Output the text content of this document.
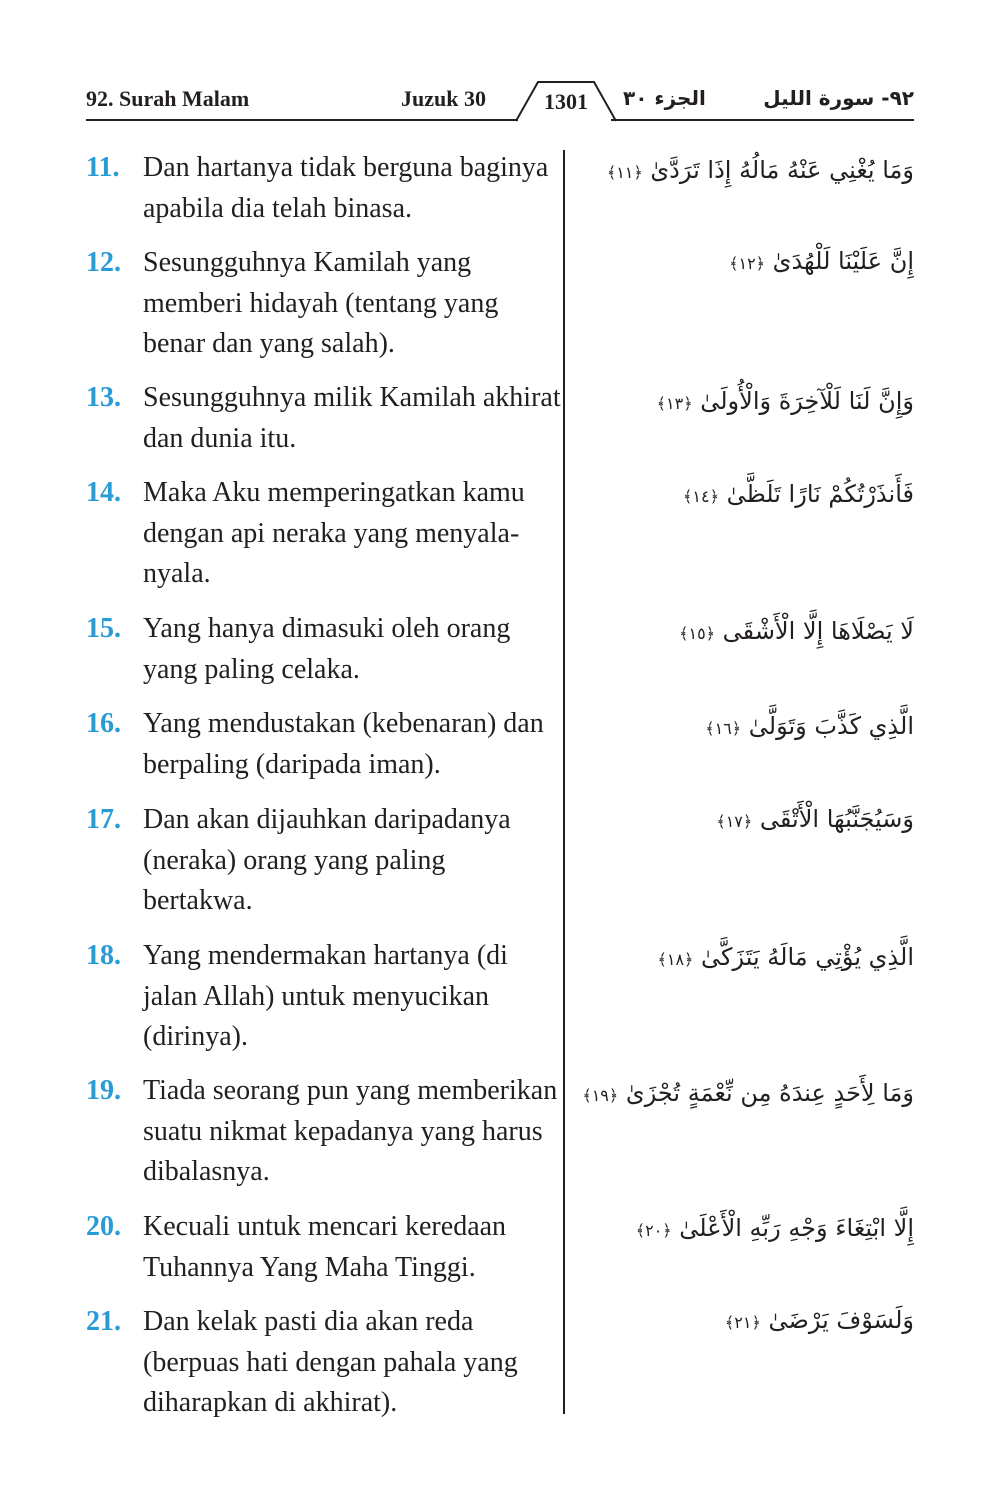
92. Surah Malam	Juzuk 30	1301	الجزء ٣٠	٩٢- سورة الليل
11. Dan hartanya tidak berguna baginya apabila dia telah binasa.
وَمَا يُغْنِي عَنْهُ مَالُهُ إِذَا تَرَدَّىٰ ﴿١١﴾
12. Sesungguhnya Kamilah yang memberi hidayah (tentang yang benar dan yang salah).
إِنَّ عَلَيْنَا لَلْهُدَىٰ ﴿١٢﴾
13. Sesungguhnya milik Kamilah akhirat dan dunia itu.
وَإِنَّ لَنَا لَلْآخِرَةَ وَالْأُولَىٰ ﴿١٣﴾
14. Maka Aku memperingatkan kamu dengan api neraka yang menyala-nyala.
فَأَنذَرْتُكُمْ نَارًا تَلَظَّىٰ ﴿١٤﴾
15. Yang hanya dimasuki oleh orang yang paling celaka.
لَا يَصْلَاهَا إِلَّا الْأَشْقَى ﴿١٥﴾
16. Yang mendustakan (kebenaran) dan berpaling (daripada iman).
الَّذِي كَذَّبَ وَتَوَلَّىٰ ﴿١٦﴾
17. Dan akan dijauhkan daripadanya (neraka) orang yang paling bertakwa.
وَسَيُجَنَّبُهَا الْأَتْقَى ﴿١٧﴾
18. Yang mendermakan hartanya (di jalan Allah) untuk menyucikan (dirinya).
الَّذِي يُؤْتِي مَالَهُ يَتَزَكَّىٰ ﴿١٨﴾
19. Tiada seorang pun yang memberikan suatu nikmat kepadanya yang harus dibalasnya.
وَمَا لِأَحَدٍ عِندَهُ مِن نِّعْمَةٍ تُجْزَىٰ ﴿١٩﴾
20. Kecuali untuk mencari keredaan Tuhannya Yang Maha Tinggi.
إِلَّا ابْتِغَاءَ وَجْهِ رَبِّهِ الْأَعْلَىٰ ﴿٢٠﴾
21. Dan kelak pasti dia akan reda (berpuas hati dengan pahala yang diharapkan di akhirat).
وَلَسَوْفَ يَرْضَىٰ ﴿٢١﴾
